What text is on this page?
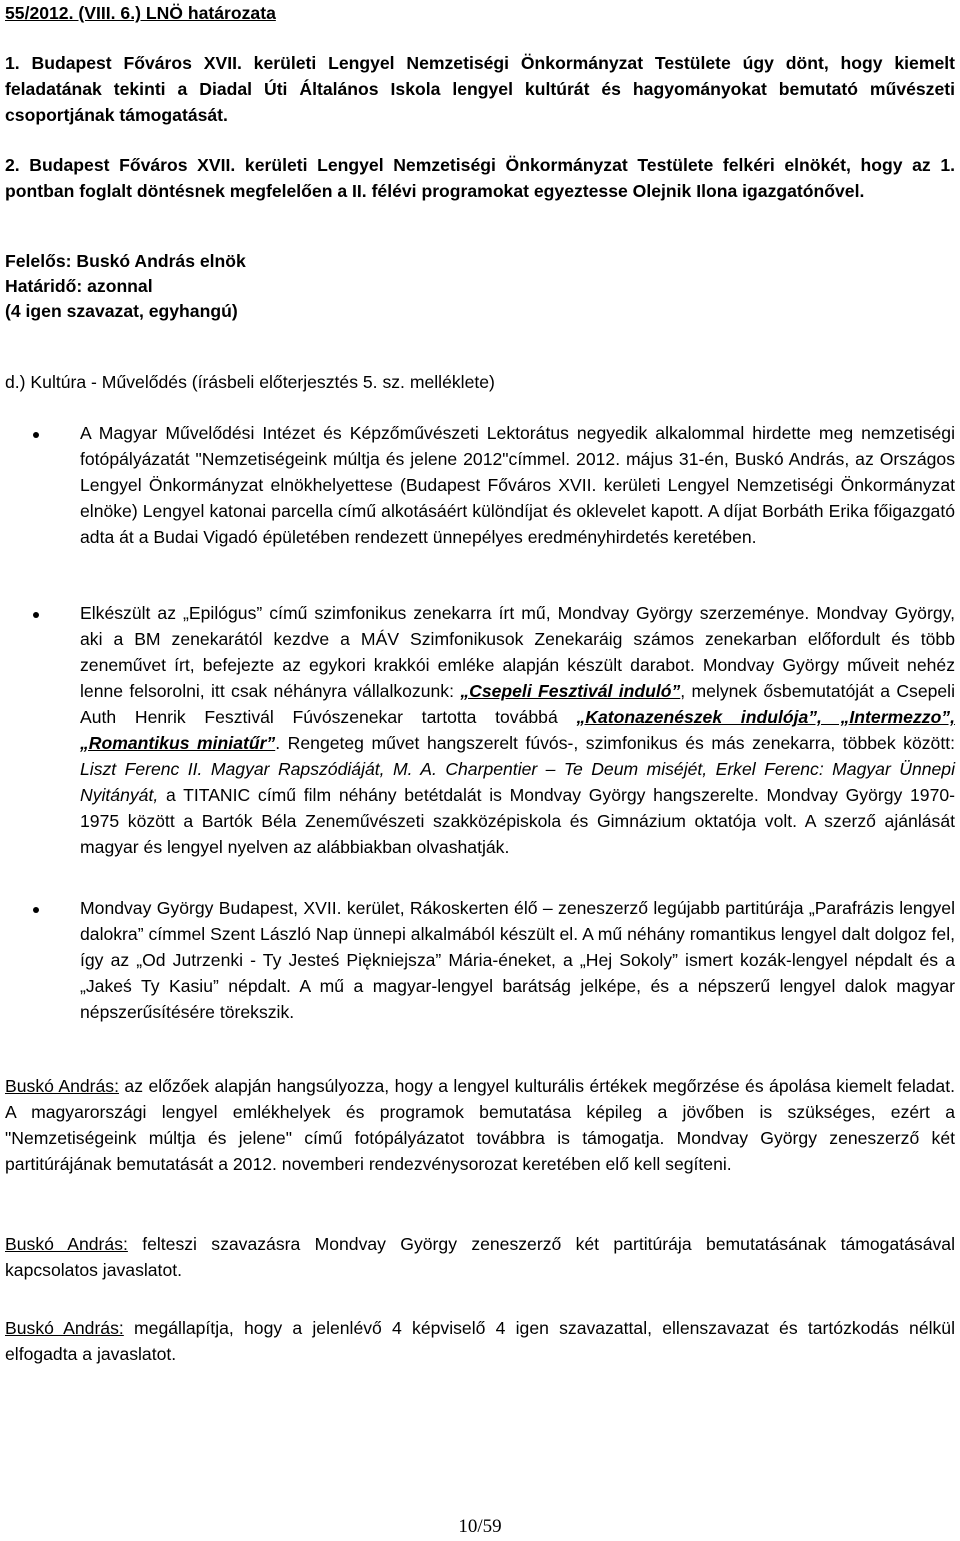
55/2012. (VIII. 6.) LNÖ határozata
1. Budapest Főváros XVII. kerületi Lengyel Nemzetiségi Önkormányzat Testülete úgy dönt, hogy kiemelt feladatának tekinti a Diadal Úti Általános Iskola lengyel kultúrát és hagyományokat bemutató művészeti csoportjának támogatását.
2. Budapest Főváros XVII. kerületi Lengyel Nemzetiségi Önkormányzat Testülete felkéri elnökét, hogy az 1. pontban foglalt döntésnek megfelelően a II. félévi programokat egyeztesse Olejnik Ilona igazgatónővel.
Felelős: Buskó András elnök
Határidő: azonnal
(4 igen szavazat, egyhangú)
d.) Kultúra - Művelődés (írásbeli előterjesztés 5. sz. melléklete)
A Magyar Művelődési Intézet és Képzőművészeti Lektorátus negyedik alkalommal hirdette meg nemzetiségi fotópályázatát "Nemzetiségeink múltja és jelene 2012"címmel. 2012. május 31-én, Buskó András, az Országos Lengyel Önkormányzat elnökhelyettese (Budapest Főváros XVII. kerületi Lengyel Nemzetiségi Önkormányzat elnöke) Lengyel katonai parcella című alkotásáért különdíjat és oklevelet kapott. A díjat Borbáth Erika főigazgató adta át a Budai Vigadó épületében rendezett ünnepélyes eredményhirdetés keretében.
Elkészült az „Epilógus” című szimfonikus zenekarra írt mű, Mondvay György szerzeménye. Mondvay György, aki a BM zenekarától kezdve a MÁV Szimfonikusok Zenekaráig számos zenekarban előfordult és több zeneművet írt, befejezte az egykori krakkói emléke alapján készült darabot. Mondvay György műveit nehéz lenne felsorolni, itt csak néhányra vállalkozunk: „Csepeli Fesztivál induló”, melynek ősbemutatóját a Csepeli Auth Henrik Fesztivál Fúvószenekar tartotta továbbá „Katonazenészek indulója”, „Intermezzo”, „Romantikus miniatűr”. Rengeteg művet hangszerelt fúvós-, szimfonikus és más zenekarra, többek között: Liszt Ferenc II. Magyar Rapszódiáját, M. A. Charpentier – Te Deum miséjét, Erkel Ferenc: Magyar Ünnepi Nyitányát, a TITANIC című film néhány betétdalát is Mondvay György hangszerelte. Mondvay György 1970-1975 között a Bartók Béla Zeneművészeti szakközépiskola és Gimnázium oktatója volt. A szerző ajánlását magyar és lengyel nyelven az alábbiakban olvashatják.
Mondvay György Budapest, XVII. kerület, Rákoskerten élő – zeneszerző legújabb partitúrája „Parafrázis lengyel dalokra” címmel Szent László Nap ünnepi alkalmából készült el. A mű néhány romantikus lengyel dalt dolgoz fel, így az „Od Jutrzenki - Ty Jesteś Piękniejsza” Mária-éneket, a „Hej Sokoly” ismert kozák-lengyel népdalt és a „Jakeś Ty Kasiu” népdalt. A mű a magyar-lengyel barátság jelképe, és a népszerű lengyel dalok magyar népszerűsítésére törekszik.
Buskó András: az előzőek alapján hangsúlyozza, hogy a lengyel kulturális értékek megőrzése és ápolása kiemelt feladat. A magyarországi lengyel emlékhelyek és programok bemutatása képileg a jövőben is szükséges, ezért a "Nemzetiségeink múltja és jelene" című fotópályázatot továbbra is támogatja. Mondvay György zeneszerző két partitúrájának bemutatását a 2012. novemberi rendezvénysorozat keretében elő kell segíteni.
Buskó András: felteszi szavazásra Mondvay György zeneszerző két partitúrája bemutatásának támogatásával kapcsolatos javaslatot.
Buskó András: megállapítja, hogy a jelenlévő 4 képviselő 4 igen szavazattal, ellenszavazat és tartózkodás nélkül elfogadta a javaslatot.
10/59
